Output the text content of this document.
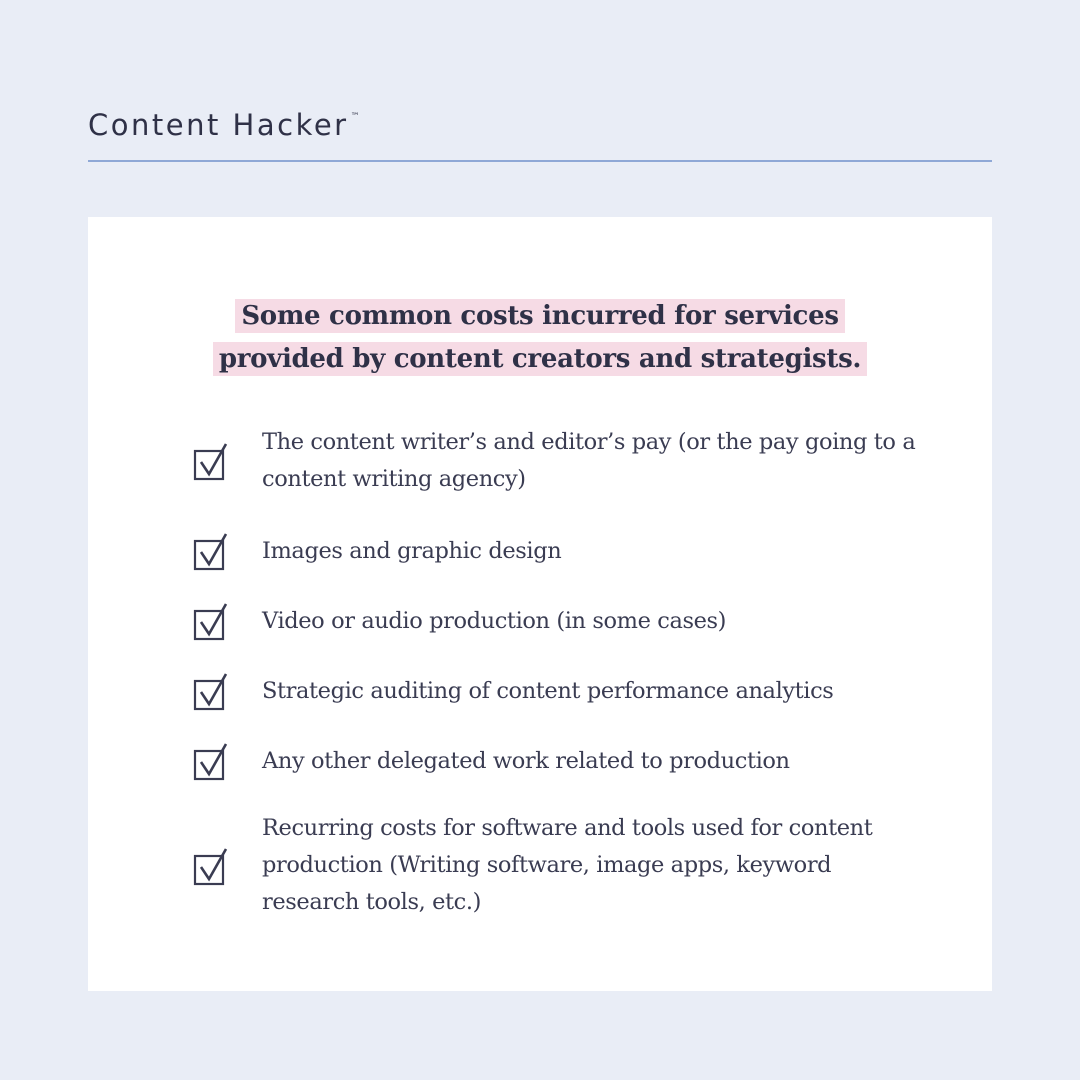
Content Hacker ™
Some common costs incurred for services
provided by content creators and strategists.
The content writer’s and editor’s pay (or the pay going to a content writing agency)
Images and graphic design
Video or audio production (in some cases)
Strategic auditing of content performance analytics
Any other delegated work related to production
Recurring costs for software and tools used for content production (Writing software, image apps, keyword research tools, etc.)
